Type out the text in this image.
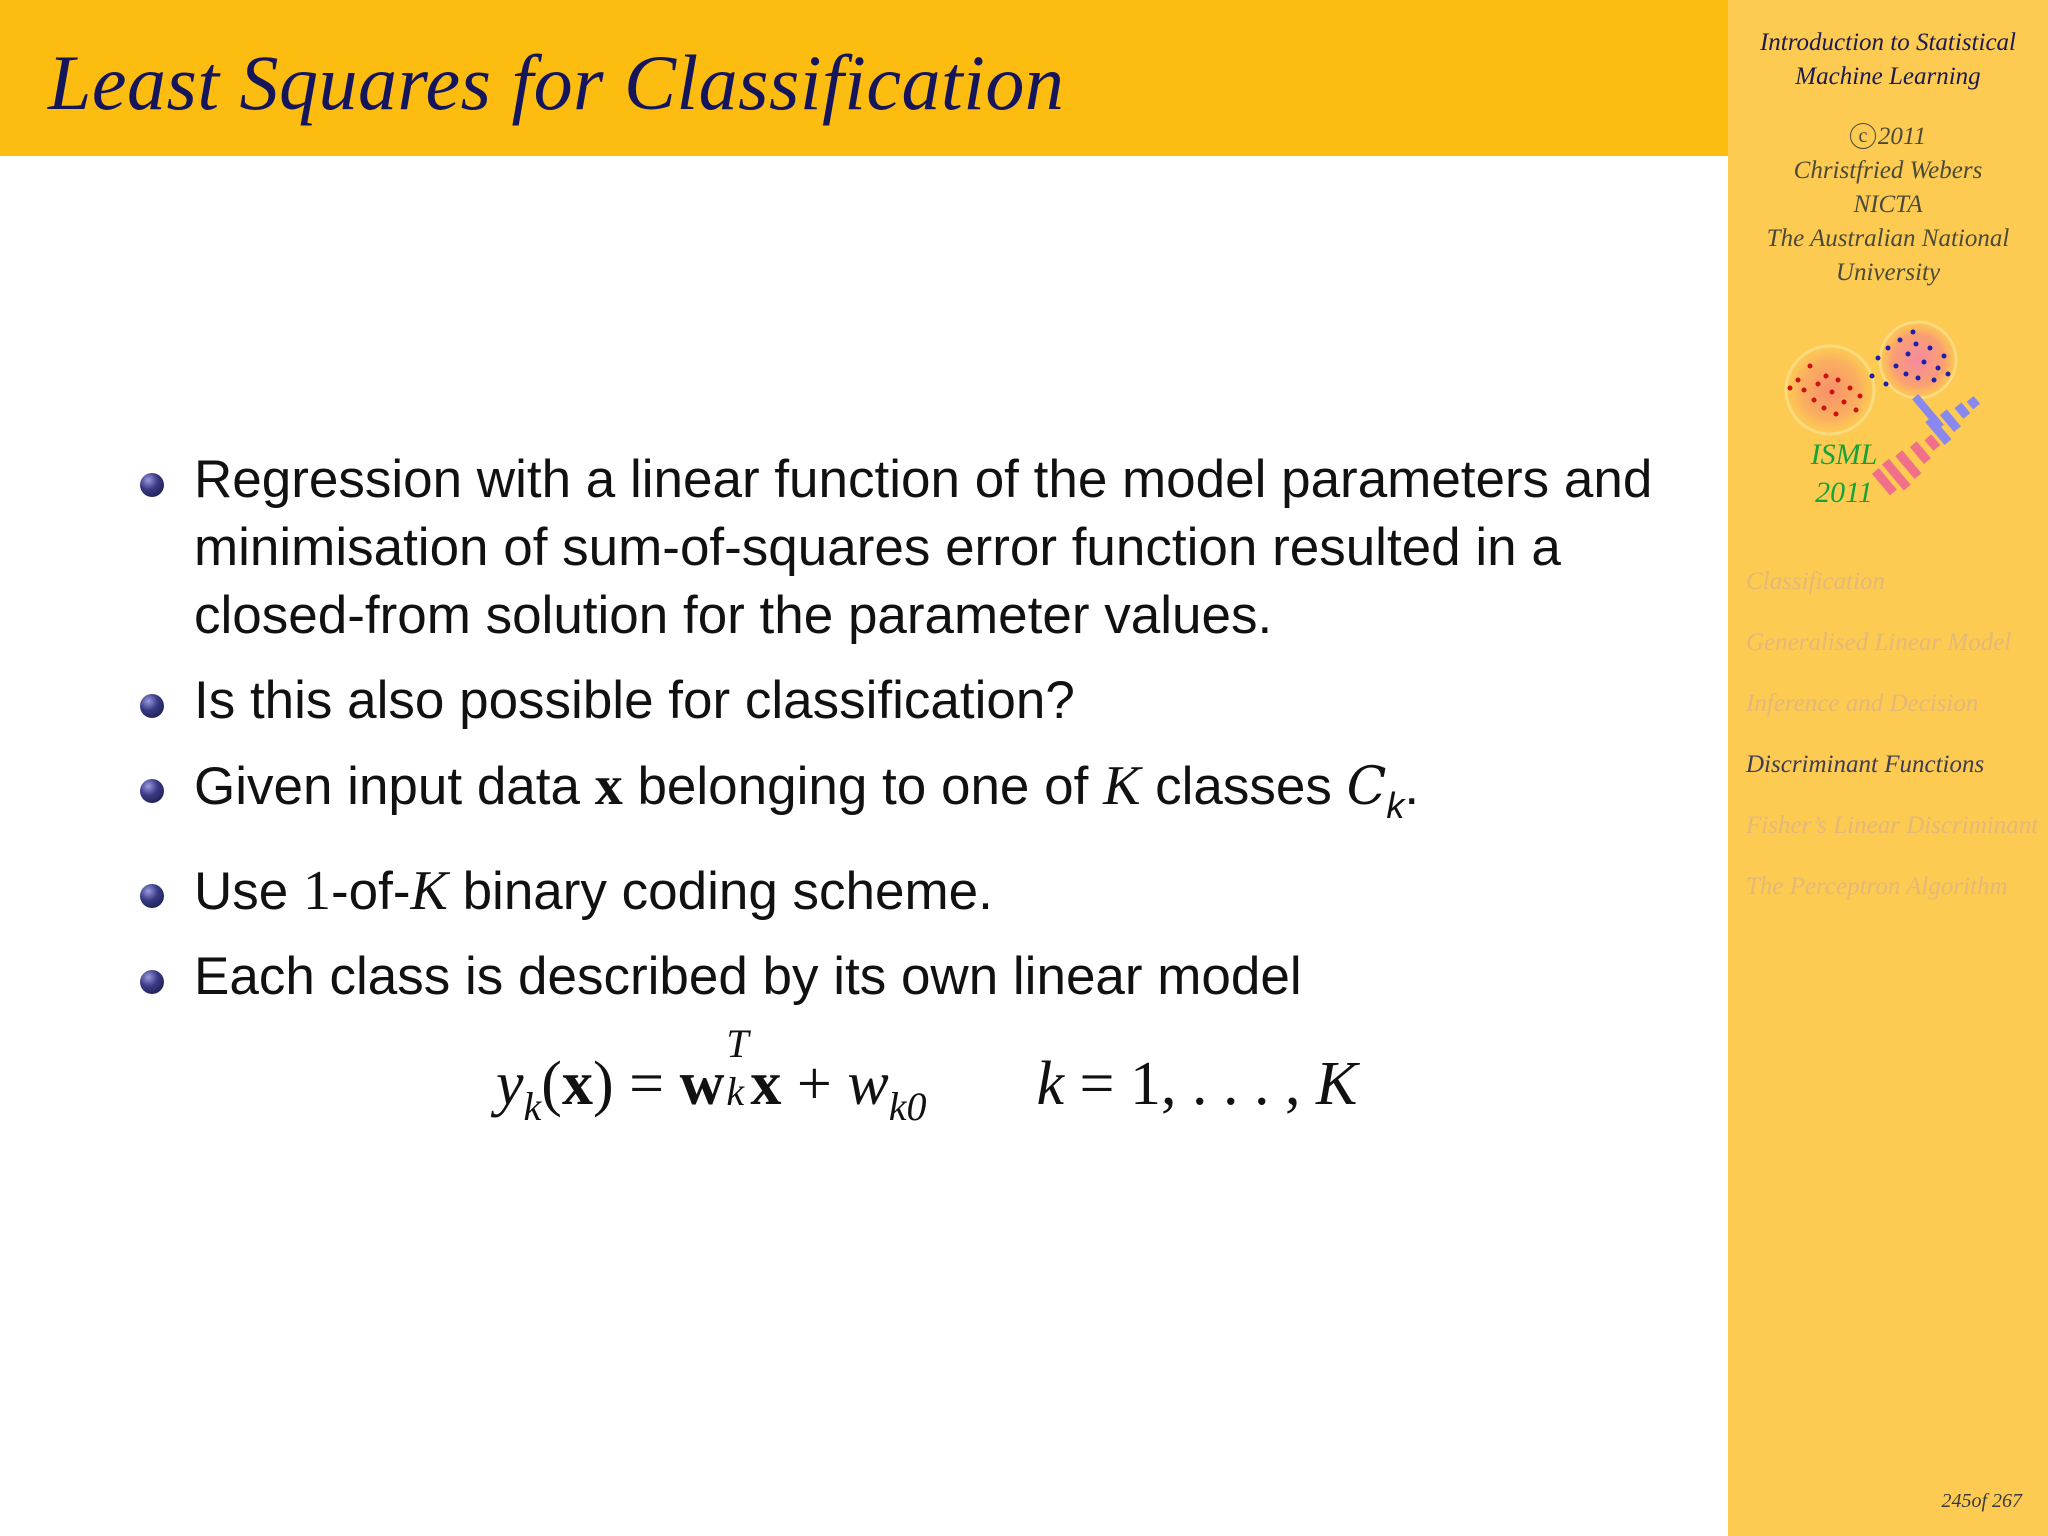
Least Squares for Classification
Regression with a linear function of the model parameters and minimisation of sum-of-squares error function resulted in a closed-from solution for the parameter values.
Is this also possible for classification?
Given input data x belonging to one of K classes $C_k$.
Use 1-of-K binary coding scheme.
Each class is described by its own linear model
$y_k(x) = w$
T
k $x + w_{k0}$ k = 1, . . . , K
Introduction to Statistical
Machine Learning
c 2011
Christfried Webers
NICTA
The Australian National
University
ISML
2011
Classification
Generalised Linear Model
Inference and Decision
Discriminant Functions
Fisher’s Linear Discriminant
The Perceptron Algorithm
245of 267
